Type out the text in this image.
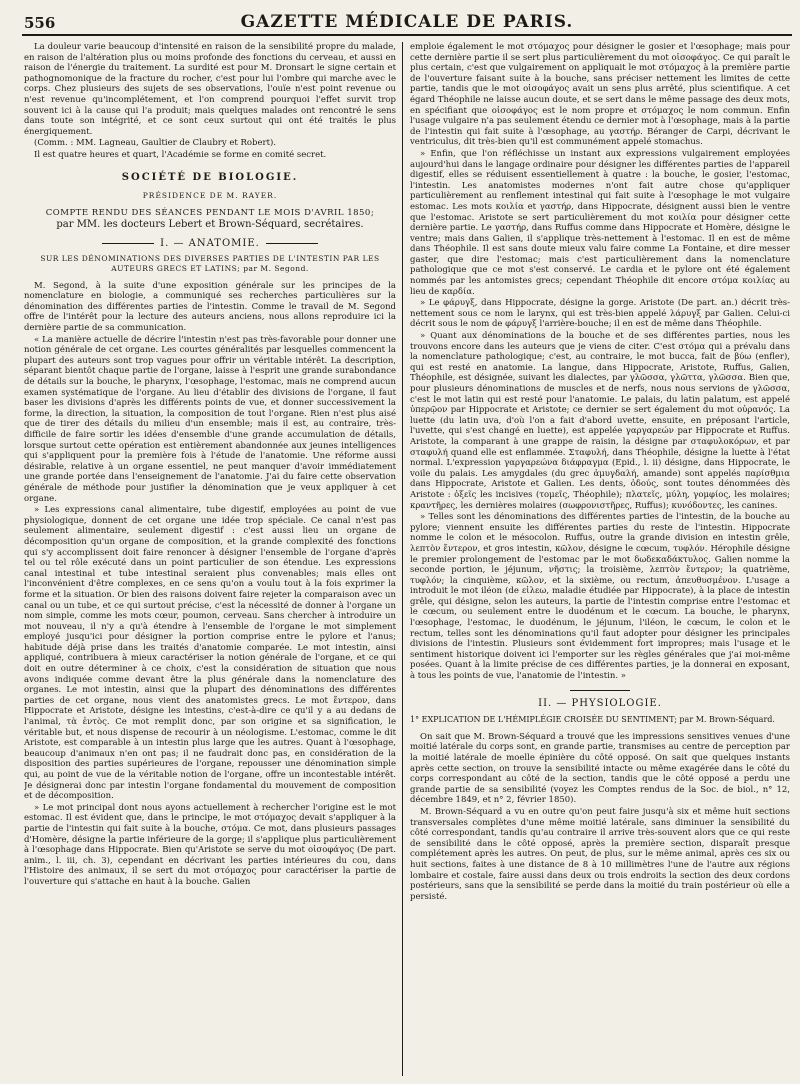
556	GAZETTE MÉDICALE DE PARIS.

La douleur varie beaucoup d'intensité en raison de la sensibilité propre du malade, en raison de l'altération plus ou moins profonde des fonctions du cerveau, et aussi en raison de l'énergie du traitement. La surdité est pour M. Dronsart le signe certain et pathognomonique de la fracture du rocher, c'est pour lui l'ombre qui marche avec le corps. Chez plusieurs des sujets de ses observations, l'ouïe n'est point revenue ou n'est revenue qu'incomplétement, et l'on comprend pourquoi l'effet survit trop souvent ici à la cause qui l'a produit; mais quelques malades ont rencontré le sens dans toute son intégrité, et ce sont ceux surtout qui ont été traités le plus énergiquement.

(Comm. : MM. Lagneau, Gaultier de Claubry et Robert).

Il est quatre heures et quart, l'Académie se forme en comité secret.

SOCIÉTÉ DE BIOLOGIE.
PRÉSIDENCE DE M. RAYER.
COMPTE RENDU DES SÉANCES PENDANT LE MOIS D'AVRIL 1850;
par MM. les docteurs Lebert et Brown-Séquard, secrétaires.
I. — ANATOMIE.
SUR LES DÉNOMINATIONS DES DIVERSES PARTIES DE L'INTESTIN PAR LES AUTEURS GRECS ET LATINS; par M. Segond.

M. Segond, à la suite d'une exposition générale sur les principes de la nomenclature en biologie, a communiqué ses recherches particulières sur la dénomination des différentes parties de l'intestin. Comme le travail de M. Segond offre de l'intérêt pour la lecture des auteurs anciens, nous allons reproduire ici la dernière partie de sa communication.

« La manière actuelle de décrire l'intestin n'est pas très-favorable pour donner une notion générale de cet organe. Les courtes généralités par lesquelles commencent la plupart des auteurs sont trop vagues pour offrir un véritable intérêt. La description, séparant bientôt chaque partie de l'organe, laisse à l'esprit une grande surabondance de détails sur la bouche, le pharynx, l'œsophage, l'estomac, mais ne comprend aucun examen systématique de l'organe. Au lieu d'établir des divisions de l'organe, il faut baser les divisions d'après les différents points de vue, et donner successivement la forme, la direction, la situation, la composition de tout l'organe. Rien n'est plus aisé que de tirer des détails du milieu d'un ensemble; mais il est, au contraire, très-difficile de faire sortir les idées d'ensemble d'une grande accumulation de détails, lorsque surtout cette opération est entièrement abandonnée aux jeunes intelligences qui s'appliquent pour la première fois à l'étude de l'anatomie. Une réforme aussi désirable, relative à un organe essentiel, ne peut manquer d'avoir immédiatement une grande portée dans l'enseignement de l'anatomie. J'ai du faire cette observation générale de méthode pour justifier la dénomination que je veux appliquer à cet organe.

» Les expressions canal alimentaire, tube digestif, employées au point de vue physiologique, donnent de cet organe une idée trop spéciale. Ce canal n'est pas seulement alimentaire, seulement digestif : c'est aussi lieu un organe de décomposition qu'un organe de composition, et la grande complexité des fonctions qui s'y accomplissent doit faire renoncer à désigner l'ensemble de l'organe d'après tel ou tel rôle exécuté dans un point particulier de son étendue. Les expressions canal intestinal et tube intestinal seraient plus convenables; mais elles ont l'inconvénient d'être complexes, en ce sens qu'on a voulu tout à la fois exprimer la forme et la situation. Or bien des raisons doivent faire rejeter la comparaison avec un canal ou un tube, et ce qui surtout précise, c'est la nécessité de donner à l'organe un nom simple, comme les mots cœur, poumon, cerveau. Sans chercher à introduire un mot nouveau, il n'y a qu'à étendre à l'ensemble de l'organe le mot simplement employé jusqu'ici pour désigner la portion comprise entre le pylore et l'anus; habitude déjà prise dans les traités d'anatomie comparée. Le mot intestin, ainsi appliqué, contribuera à mieux caractériser la notion générale de l'organe, et ce qui doit en outre déterminer à ce choix, c'est la considération de situation que nous avons indiquée comme devant être la plus générale dans la nomenclature des organes. Le mot intestin, ainsi que la plupart des dénominations des différentes parties de cet organe, nous vient des anatomistes grecs. Le mot ἔντερον, dans Hippocrate et Aristote, désigne les intestins, c'est-à-dire ce qu'il y a au dedans de l'animal, τὰ ἐντὸς. Ce mot remplit donc, par son origine et sa signification, le véritable but, et nous dispense de recourir à un néologisme. L'estomac, comme le dit Aristote, est comparable à un intestin plus large que les autres. Quant à l'œsophage, beaucoup d'animaux n'en ont pas; il ne faudrait donc pas, en considération de la disposition des parties supérieures de l'organe, repousser une dénomination simple qui, au point de vue de la véritable notion de l'organe, offre un incontestable intérêt. Je désignerai donc par intestin l'organe fondamental du mouvement de composition et de décomposition.

» Le mot principal dont nous ayons actuellement à rechercher l'origine est le mot estomac. Il est évident que, dans le principe, le mot στόμαχος devait s'appliquer à la partie de l'intestin qui fait suite à la bouche, στόμα. Ce mot, dans plusieurs passages d'Homère, désigne la partie inférieure de la gorge; il s'applique plus particulièrement à l'œsophage dans Hippocrate. Bien qu'Aristote se serve du mot οἰσοφάγος (De part. anim., l. iii, ch. 3), cependant en décrivant les parties intérieures du cou, dans l'Histoire des animaux, il se sert du mot στόμαχος pour caractériser la partie de l'ouverture qui s'attache en haut à la bouche. Galien

emploie également le mot στόμαχος pour désigner le gosier et l'œsophage; mais pour cette dernière partie il se sert plus particulièrement du mot οἰσοφάγος. Ce qui paraît le plus certain, c'est que vulgairement on appliquait le mot στόμαχος à la première partie de l'ouverture faisant suite à la bouche, sans préciser nettement les limites de cette partie, tandis que le mot οἰσοφάγος avait un sens plus arrêté, plus scientifique. A cet égard Théophile ne laisse aucun doute, et se sert dans le même passage des deux mots, en spécifiant que οἰσοφάγος est le nom propre et στόμαχος le nom commun. Enfin l'usage vulgaire n'a pas seulement étendu ce dernier mot à l'œsophage, mais à la partie de l'intestin qui fait suite à l'œsophage, au γαστήρ. Béranger de Carpi, décrivant le ventriculus, dit très-bien qu'il est communément appelé stomachus.

» Enfin, que l'on réfléchisse un instant aux expressions vulgairement employées aujourd'hui dans le langage ordinaire pour désigner les différentes parties de l'appareil digestif, elles se réduisent essentiellement à quatre : la bouche, le gosier, l'estomac, l'intestin. Les anatomistes modernes n'ont fait autre chose qu'appliquer particulièrement au renflement intestinal qui fait suite à l'œsophage le mot vulgaire estomac. Les mots κοιλία et γαστήρ, dans Hippocrate, désignent aussi bien le ventre que l'estomac. Aristote se sert particulièrement du mot κοιλία pour désigner cette dernière partie. Le γαστήρ, dans Ruffus comme dans Hippocrate et Homère, désigne le ventre; mais dans Galien, il s'applique très-nettement à l'estomac. Il en est de même dans Théophile. Il est sans doute mieux valu faire comme La Fontaine, et dire messer gaster, que dire l'estomac; mais c'est particulièrement dans la nomenclature pathologique que ce mot s'est conservé. Le cardia et le pylore ont été également nommés par les antomistes grecs; cependant Théophile dit encore στόμα κοιλίας au lieu de καρδία.

» Le φάρυγξ, dans Hippocrate, désigne la gorge. Aristote (De part. an.) décrit très-nettement sous ce nom le larynx, qui est très-bien appelé λάρυγξ par Galien. Celui-ci décrit sous le nom de φάρυγξ l'arrière-bouche; il en est de même dans Théophile.

» Quant aux dénominations de la bouche et de ses différentes parties, nous les trouvons encore dans les auteurs que je viens de citer. C'est στόμα qui a prévalu dans la nomenclature pathologique; c'est, au contraire, le mot bucca, fait de βύω (enfler), qui est resté en anatomie. La langue, dans Hippocrate, Aristote, Ruffus, Galien, Théophile, est désignée, suivant les dialectes, par γλῶσσα, γλῶττα, γλῶσσα. Bien que, pour plusieurs dénominations de muscles et de nerfs, nous nous servions de γλῶσσα, c'est le mot latin qui est resté pour l'anatomie. Le palais, du latin palatum, est appelé ὑπερῷον par Hippocrate et Aristote; ce dernier se sert également du mot οὐρανός. La luette (du latin uva, d'où l'on a fait d'abord uvette, ensuite, en préposant l'article, l'uvette, qui s'est changé en luette), est appelée γαργαρεών par Hippocrate et Ruffus. Aristote, la comparant à une grappe de raisin, la désigne par σταφυλοκόρων, et par σταφυλή quand elle est enflammée. Σταφυλή, dans Théophile, désigne la luette à l'état normal. L'expression γαργαρεώνα διάφραγμα (Epid., l. ii) désigne, dans Hippocrate, le voile du palais. Les amygdales (du grec ἀμυγδαλή, amande) sont appelés παρίσθμια dans Hippocrate, Aristote et Galien. Les dents, ὀδούς, sont toutes dénommées dès Aristote : ὀξεῖς les incisives (τομεῖς, Théophile); πλατεῖς, μύλη, γομφίος, les molaires; κραντῆρες, les dernières molaires (σωφρονιστῆρες, Ruffus); κυνόδοντες, les canines.

» Telles sont les dénominations des différentes parties de l'intestin, de la bouche au pylore; viennent ensuite les différentes parties du reste de l'intestin. Hippocrate nomme le colon et le mésocolon. Ruffus, outre la grande division en intestin grêle, λεπτὸν ἔντερον, et gros intestin, κῶλον, désigne le cœcum, τυφλόν. Hérophile désigne le premier prolongement de l'estomac par le mot δωδεκαδάκτυλος. Galien nomme la seconde portion, le jéjunum, νῆστις; la troisième, λεπτὸν ἔντερον; la quatrième, τυφλόν; la cinquième, κῶλον, et la sixième, ou rectum, ἀπευθυσμένον. L'usage a introduit le mot iléon (de εἰλεω, maladie étudiée par Hippocrate), à la place de intestin grêle, qui désigne, selon les auteurs, la partie de l'intestin comprise entre l'estomac et le cœcum, ou seulement entre le duodénum et le cœcum. La bouche, le pharynx, l'œsophage, l'estomac, le duodénum, le jéjunum, l'iléon, le cœcum, le colon et le rectum, telles sont les dénominations qu'il faut adopter pour désigner les principales divisions de l'intestin. Plusieurs sont évidemment fort impropres; mais l'usage et le sentiment historique doivent ici l'emporter sur les règles générales que j'ai moi-même posées. Quant à la limite précise de ces différentes parties, je la donnerai en exposant, à tous les points de vue, l'anatomie de l'intestin. »

II. — PHYSIOLOGIE.
1° EXPLICATION DE L'HÉMIPLÉGIE CROISÉE DU SENTIMENT; par M. Brown-Séquard.

On sait que M. Brown-Séquard a trouvé que les impressions sensitives venues d'une moitié latérale du corps sont, en grande partie, transmises au centre de perception par la moitié latérale de moelle épinière du côté opposé. On sait que quelques instants après cette section, on trouve la sensibilité intacte ou même exagérée dans le côté du corps correspondant au côté de la section, tandis que le côté opposé a perdu une grande partie de sa sensibilité (voyez les Comptes rendus de la Soc. de biol., n° 12, décembre 1849, et n° 2, février 1850).

M. Brown-Séquard a vu en outre qu'on peut faire jusqu'à six et même huit sections transversales complètes d'une même moitié latérale, sans diminuer la sensibilité du côté correspondant, tandis qu'au contraire il arrive très-souvent alors que ce qui reste de sensibilité dans le côté opposé, après la première section, disparaît presque complétement après les autres. On peut, de plus, sur le même animal, après ces six ou huit sections, faites à une distance de 8 à 10 millimètres l'une de l'autre aux régions lombaire et costale, faire aussi dans deux ou trois endroits la section des deux cordons postérieurs, sans que la sensibilité se perde dans la moitié du train postérieur où elle a persisté.
